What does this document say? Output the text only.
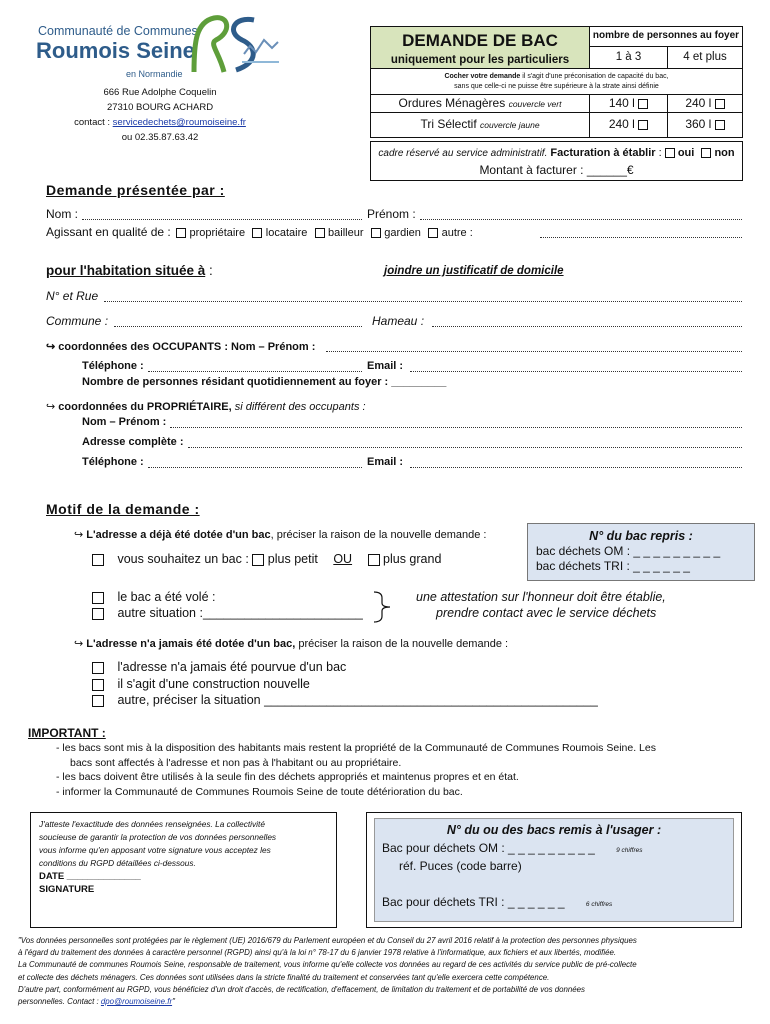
Communauté de Communes
Roumois Seine
en Normandie
666 Rue Adolphe Coquelin
27310 BOURG ACHARD
contact : servicedechets@roumoiseine.fr
ou 02.35.87.63.42
DEMANDE DE BAC
uniquement pour les particuliers
nombre de personnes au foyer
1 à 3	4 et plus
Cocher votre demande il s'agit d'une préconisation de capacité du bac,
sans que celle-ci ne puisse être supérieure à la strate ainsi définie
Ordures Ménagères couvercle vert	140 l	240 l
Tri Sélectif couvercle jaune	240 l	360 l
cadre réservé au service administratif. Facturation à établir : oui non
Montant à facturer : ______€
Demande présentée par :
Nom :	Prénom :
Agissant en qualité de : propriétaire locataire bailleur gardien autre :
pour l'habitation située à :	joindre un justificatif de domicile
N° et Rue
Commune :	Hameau :
↪ coordonnées des OCCUPANTS : Nom – Prénom :
Téléphone :	Email :
Nombre de personnes résidant quotidiennement au foyer : _________
↪ coordonnées du PROPRIÉTAIRE, si différent des occupants :
Nom – Prénom :
Adresse complète :
Téléphone :	Email :
Motif de la demande :
↪ L'adresse a déjà été dotée d'un bac, préciser la raison de la nouvelle demande :	N° du bac repris :
bac déchets OM : _ _ _ _ _ _ _ _ _
bac déchets TRI : _ _ _ _ _ _
vous souhaitez un bac : plus petit OU plus grand
le bac a été volé :
autre situation :_______________________
une attestation sur l'honneur doit être établie,
prendre contact avec le service déchets
↪ L'adresse n'a jamais été dotée d'un bac, préciser la raison de la nouvelle demande :
l'adresse n'a jamais été pourvue d'un bac
il s'agit d'une construction nouvelle
autre, préciser la situation ________________________________________________
IMPORTANT :
- les bacs sont mis à la disposition des habitants mais restent la propriété de la Communauté de Communes Roumois Seine. Les
bacs sont affectés à l'adresse et non pas à l'habitant ou au propriétaire.
- les bacs doivent être utilisés à la seule fin des déchets appropriés et maintenus propres et en état.
- informer la Communauté de Communes Roumois Seine de toute détérioration du bac.
J'atteste l'exactitude des données renseignées. La collectivité
soucieuse de garantir la protection de vos données personnelles
vous informe qu'en apposant votre signature vous acceptez les
conditions du RGPD détaillées ci-dessous.
DATE ______________
SIGNATURE
N° du ou des bacs remis à l'usager :
Bac pour déchets OM : _ _ _ _ _ _ _ _ _	9 chiffres
réf. Puces (code barre)
Bac pour déchets TRI : _ _ _ _ _ _	6 chiffres
"Vos données personnelles sont protégées par le règlement (UE) 2016/679 du Parlement européen et du Conseil du 27 avril 2016 relatif à la protection des personnes physiques
à l'égard du traitement des données à caractère personnel (RGPD) ainsi qu'à la loi n° 78-17 du 6 janvier 1978 relative à l'informatique, aux fichiers et aux libertés, modifiée.
La Communauté de communes Roumois Seine, responsable de traitement, vous informe qu'elle collecte vos données au regard de ces activités du service public de pré-collecte
et collecte des déchets ménagers. Ces données sont utilisées dans la stricte finalité du traitement et conservées tant qu'elle exercera cette compétence.
D'autre part, conformément au RGPD, vous bénéficiez d'un droit d'accès, de rectification, d'effacement, de limitation du traitement et de portabilité de vos données
personnelles. Contact : dpo@roumoiseine.fr"
